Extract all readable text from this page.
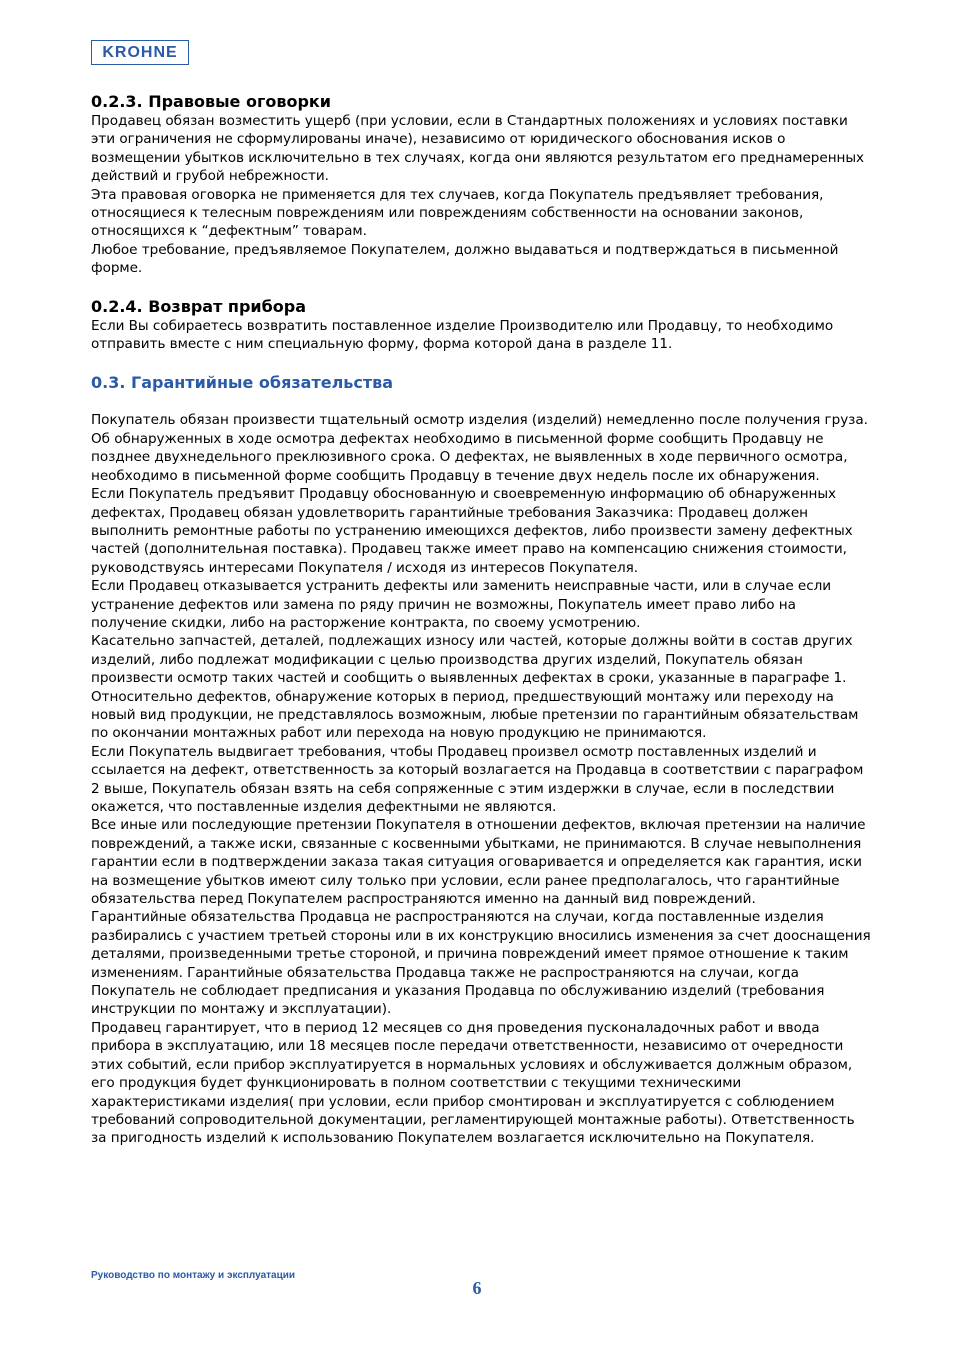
KROHNE
0.2.3. Правовые оговорки

Продавец обязан возместить ущерб (при условии, если в Стандартных положениях и условиях поставки эти ограничения не сформулированы иначе), независимо от юридического обоснования исков о возмещении убытков исключительно в тех случаях, когда они являются результатом его преднамеренных действий и грубой небрежности.

Эта правовая оговорка не применяется для тех случаев, когда Покупатель предъявляет требования, относящиеся к телесным повреждениям или повреждениям собственности на основании законов, относящихся к “дефектным” товарам.

Любое требование, предъявляемое Покупателем, должно выдаваться и подтверждаться в письменной форме.

0.2.4. Возврат прибора

Если Вы собираетесь возвратить поставленное изделие Производителю или Продавцу, то необходимо отправить вместе с ним специальную форму, форма которой дана в разделе 11.

0.3. Гарантийные обязательства

Покупатель обязан произвести тщательный осмотр изделия (изделий) немедленно после получения груза. Об обнаруженных в ходе осмотра дефектах необходимо в письменной форме сообщить Продавцу не позднее двухнедельного преклюзивного срока. О дефектах, не выявленных в ходе первичного осмотра, необходимо в письменной форме сообщить Продавцу в течение двух недель после их обнаружения.

Если Покупатель предъявит Продавцу обоснованную и своевременную информацию об обнаруженных дефектах, Продавец обязан удовлетворить гарантийные требования Заказчика: Продавец должен выполнить ремонтные работы по устранению имеющихся дефектов, либо произвести замену дефектных частей (дополнительная поставка). Продавец также имеет право на компенсацию снижения стоимости, руководствуясь интересами Покупателя / исходя из интересов Покупателя.

Если Продавец отказывается устранить дефекты или заменить неисправные части, или в случае если устранение дефектов или замена по ряду причин не возможны, Покупатель имеет право либо на получение скидки, либо на расторжение контракта, по своему усмотрению.

Касательно запчастей, деталей, подлежащих износу или частей, которые должны войти в состав других изделий, либо подлежат модификации с целью производства других изделий, Покупатель обязан произвести осмотр таких частей и сообщить о выявленных дефектах в сроки, указанные в параграфе 1. Относительно дефектов, обнаружение которых в период, предшествующий монтажу или переходу на новый вид продукции, не представлялось возможным, любые претензии по гарантийным обязательствам по окончании монтажных работ или перехода на новую продукцию не принимаются.

Если Покупатель выдвигает требования, чтобы Продавец произвел осмотр поставленных изделий и ссылается на дефект, ответственность за который возлагается на Продавца в соответствии с параграфом 2 выше, Покупатель обязан взять на себя сопряженные с этим издержки в случае, если в последствии окажется, что поставленные изделия дефектными не являются.

Все иные или последующие претензии Покупателя в отношении дефектов, включая претензии на наличие повреждений, а также иски, связанные с косвенными убытками, не принимаются. В случае невыполнения гарантии если в подтверждении заказа такая ситуация оговаривается и определяется как гарантия, иски на возмещение убытков имеют силу только при условии, если ранее предполагалось, что гарантийные обязательства перед Покупателем распространяются именно на данный вид повреждений.

Гарантийные обязательства Продавца не распространяются на случаи, когда поставленные изделия разбирались с участием третьей стороны или в их конструкцию вносились изменения за счет дооснащения деталями, произведенными третье стороной, и причина повреждений имеет прямое отношение к таким изменениям. Гарантийные обязательства Продавца также не распространяются на случаи, когда Покупатель не соблюдает предписания и указания Продавца по обслуживанию изделий (требования инструкции по монтажу и эксплуатации).

Продавец гарантирует, что в период 12 месяцев со дня проведения пусконаладочных работ и ввода прибора в эксплуатацию, или 18 месяцев после передачи ответственности, независимо от очередности этих событий, если прибор эксплуатируется в нормальных условиях и обслуживается должным образом, его продукция будет функционировать в полном соответствии с текущими техническими характеристиками изделия( при условии, если прибор смонтирован и эксплуатируется с соблюдением требований сопроводительной документации, регламентирующей монтажные работы). Ответственность за пригодность изделий к использованию Покупателем возлагается исключительно на Покупателя.

Руководство по монтажу и эксплуатации
6
